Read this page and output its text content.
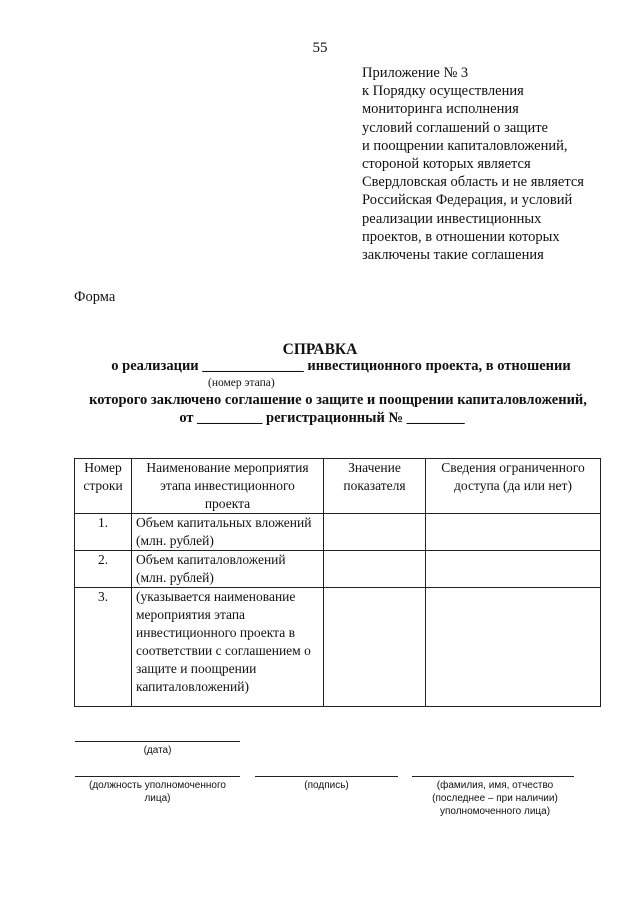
55
Приложение № 3
к Порядку осуществления
мониторинга исполнения
условий соглашений о защите
и поощрении капиталовложений,
стороной которых является
Свердловская область и не является
Российская Федерация, и условий
реализации инвестиционных
проектов, в отношении которых
заключены такие соглашения
Форма
СПРАВКА
о реализации ______________ инвестиционного проекта, в отношении
(номер этапа)
которого заключено соглашение о защите и поощрении капиталовложений,
от _________ регистрационный № ________
Номер строки	Наименование мероприятия этапа инвестиционного проекта	Значение показателя	Сведения ограниченного доступа (да или нет)
1.	Объем капитальных вложений (млн. рублей)		
2.	Объем капиталовложений (млн. рублей)		
3.	(указывается наименование мероприятия этапа инвестиционного проекта в соответствии с соглашением о защите и поощрении капиталовложений)		
(дата)
(должность уполномоченного лица)
(подпись)	(фамилия, имя, отчество (последнее – при наличии) уполномоченного лица)
